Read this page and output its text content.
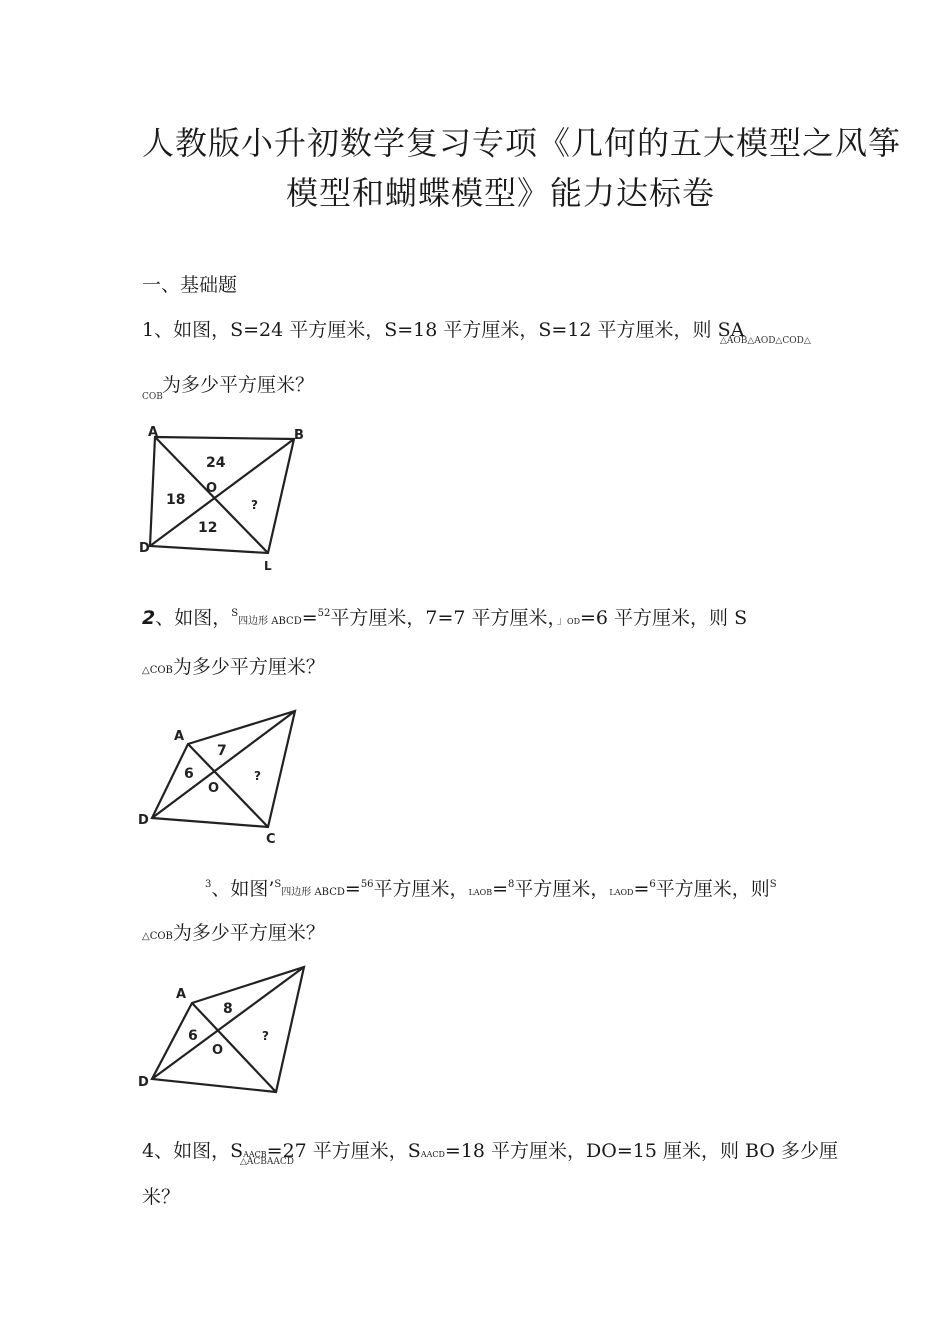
人教版小升初数学复习专项《几何的五大模型之风筝
模型和蝴蝶模型》能力达标卷
一、基础题
1、如图，S=24 平方厘米，S=18 平方厘米，S=12 平方厘米，则 SA
△AOB△AOD△COD△
为多少平方厘米？
COB
A	B
D
L
O
24
18
12
?
2、如图，$^S$四边形 ABCD=$^{52}$平方厘米，7=7 平方厘米，」OD=6 平方厘米，则 S
△COB为多少平方厘米？
A
D
C
O
7
6	?
$^3$、如图’$^S$四边形 ABCD=$^{56}$平方厘米，LAOB=$^8$平方厘米，LAOD=$^6$平方厘米，则$^S$
△COB为多少平方厘米？
A
D
O
8
6	?
4、如图，SAACB=27 平方厘米，SAACD=18 平方厘米，DO=15 厘米，则 BO 多少厘
△ACBAACD
米？
